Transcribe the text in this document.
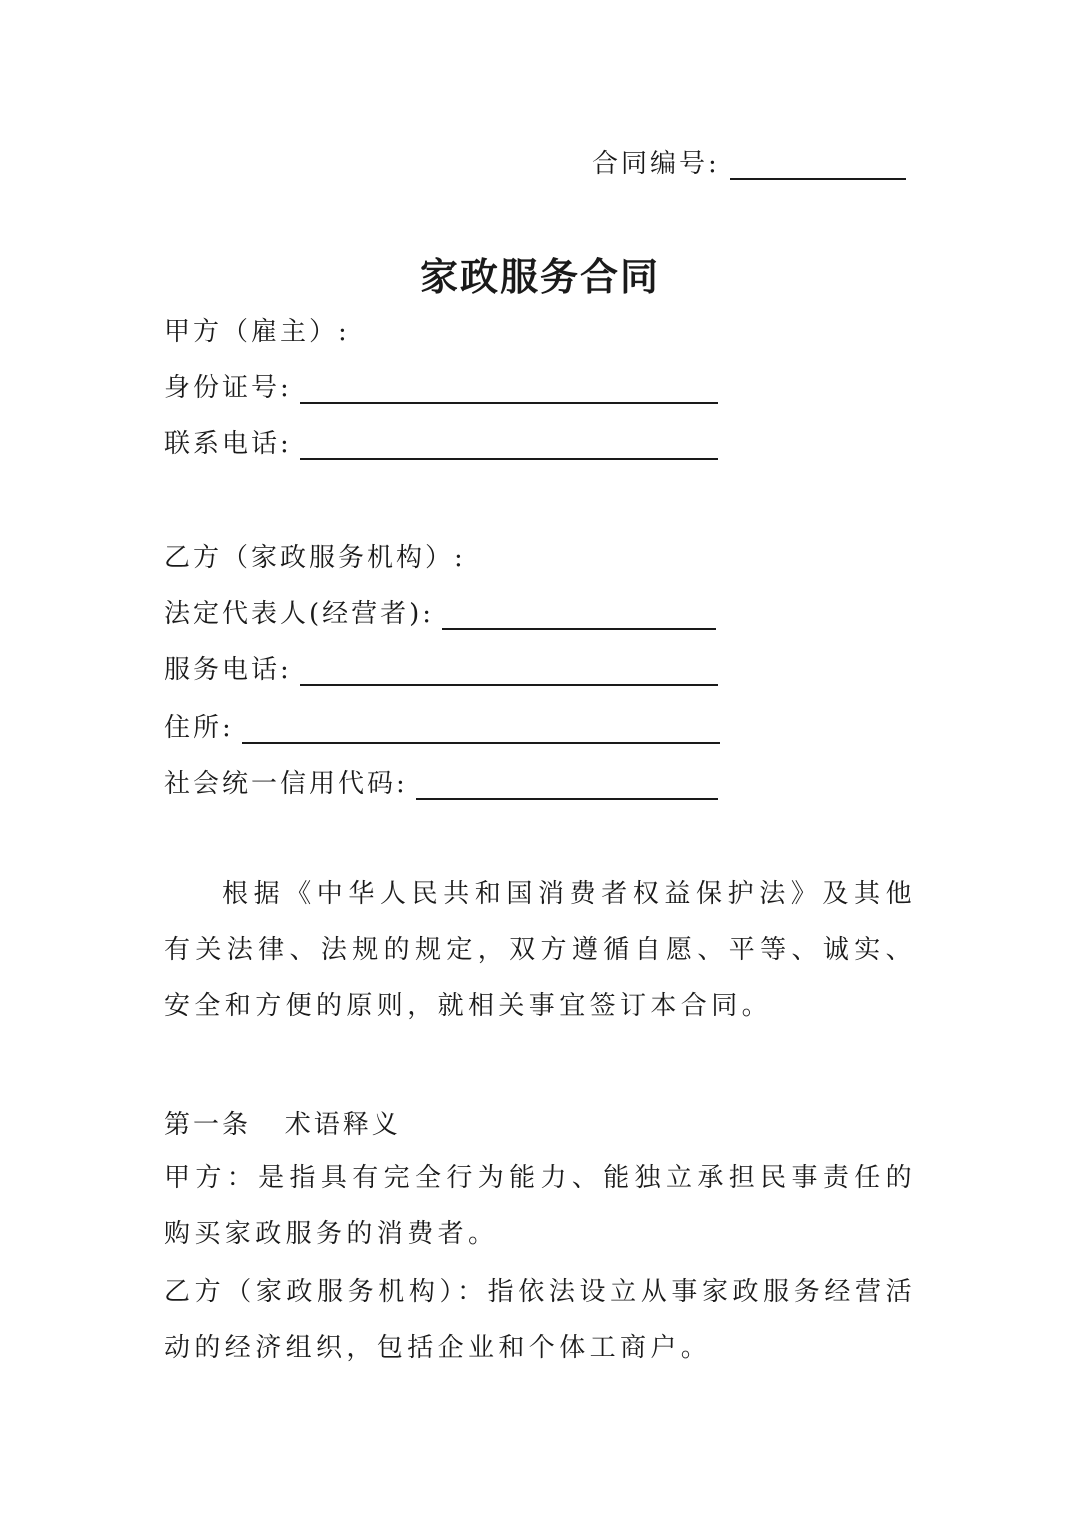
合同编号:
家政服务合同
甲方（雇主）:
身份证号:
联系电话:
乙方（家政服务机构）:
法定代表人(经营者):
服务电话:
住所:
社会统一信用代码:

根据《中华人民共和国消费者权益保护法》及其他有关法律、法规的规定，双方遵循自愿、平等、诚实、安全和方便的原则，就相关事宜签订本合同。

第一条   术语释义

甲方：是指具有完全行为能力、能独立承担民事责任的购买家政服务的消费者。

乙方（家政服务机构）：指依法设立从事家政服务经营活动的经济组织，包括企业和个体工商户。
